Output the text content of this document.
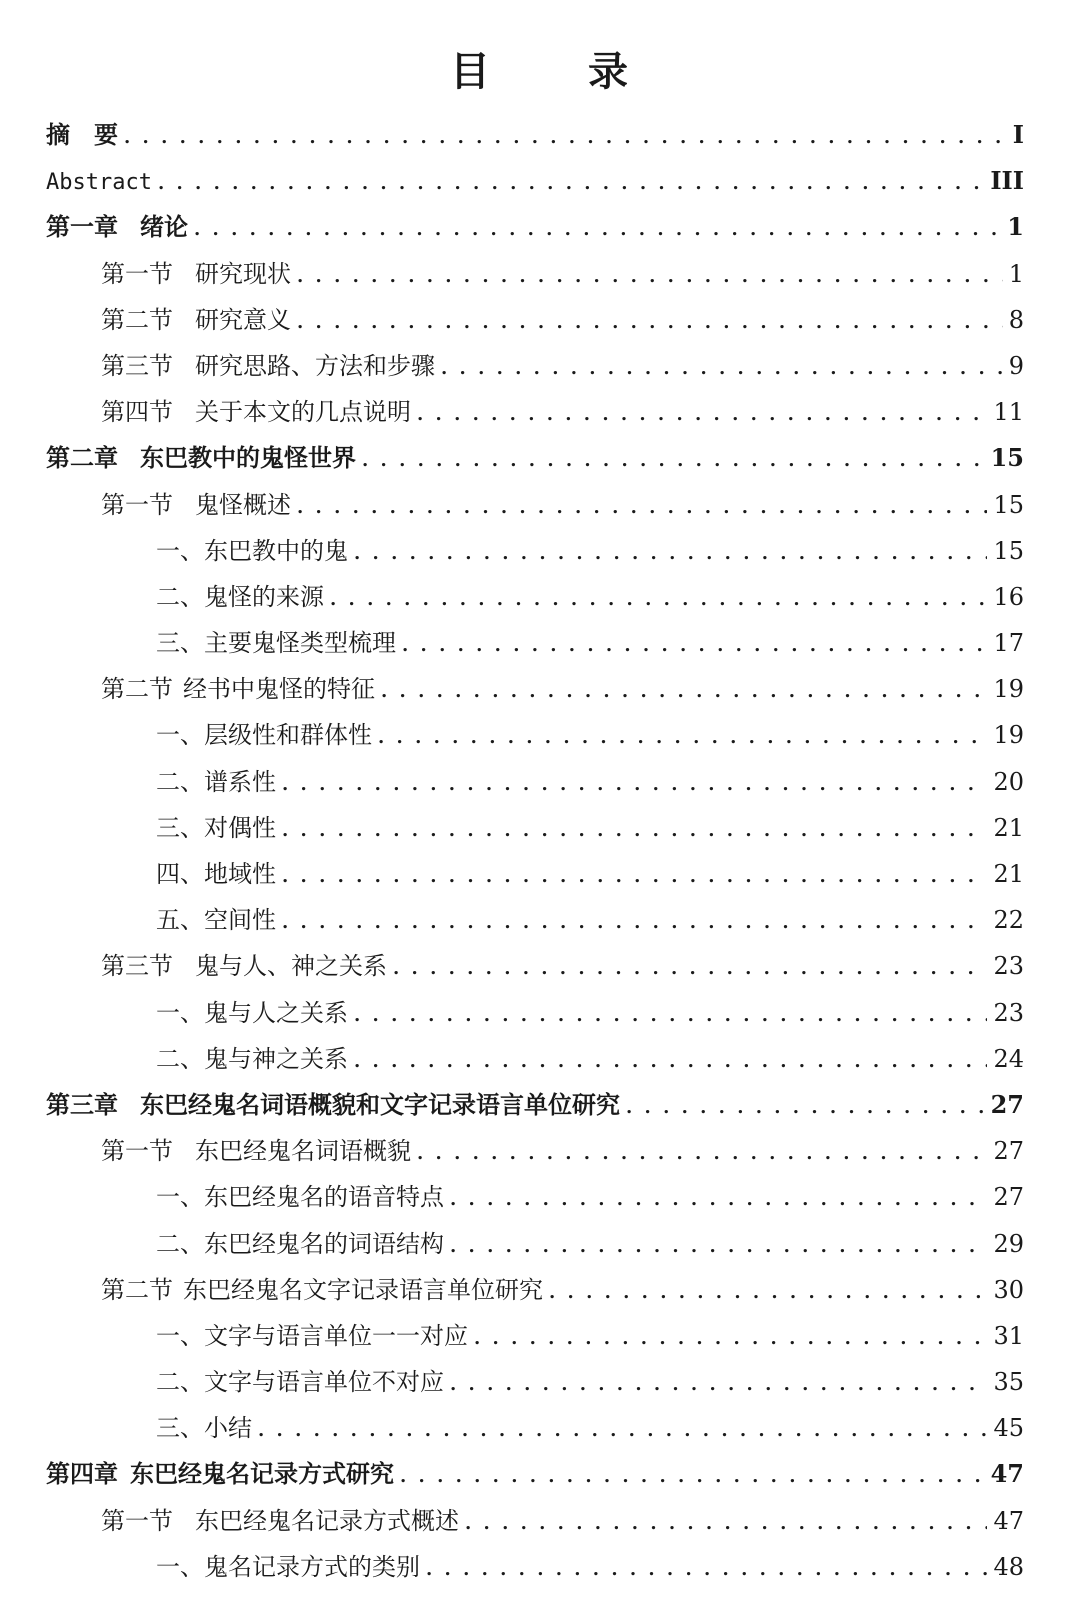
目 录
摘 要 . . .	I
Abstract . . .	III
第一章 绪论 . . .	1
第一节 研究现状 . . .	1
第二节 研究意义 . . .	8
第三节 研究思路、方法和步骤 . . .	9
第四节 关于本文的几点说明 . . .	11
第二章 东巴教中的鬼怪世界 . . .	15
第一节 鬼怪概述 . . .	15
一、东巴教中的鬼 . . .	15
二、鬼怪的来源 . . .	16
三、主要鬼怪类型梳理 . . .	17
第二节 经书中鬼怪的特征 . . .	19
一、层级性和群体性 . . .	19
二、谱系性 . . .	20
三、对偶性 . . .	21
四、地域性 . . .	21
五、空间性 . . .	22
第三节 鬼与人、神之关系 . . .	23
一、鬼与人之关系 . . .	23
二、鬼与神之关系 . . .	24
第三章 东巴经鬼名词语概貌和文字记录语言单位研究 . . .	27
第一节 东巴经鬼名词语概貌 . . .	27
一、东巴经鬼名的语音特点 . . .	27
二、东巴经鬼名的词语结构 . . .	29
第二节 东巴经鬼名文字记录语言单位研究 . . .	30
一、文字与语言单位一一对应 . . .	31
二、文字与语言单位不对应 . . .	35
三、小结 . . .	45
第四章 东巴经鬼名记录方式研究 . . .	47
第一节 东巴经鬼名记录方式概述 . . .	47
一、鬼名记录方式的类别 . . .	48
